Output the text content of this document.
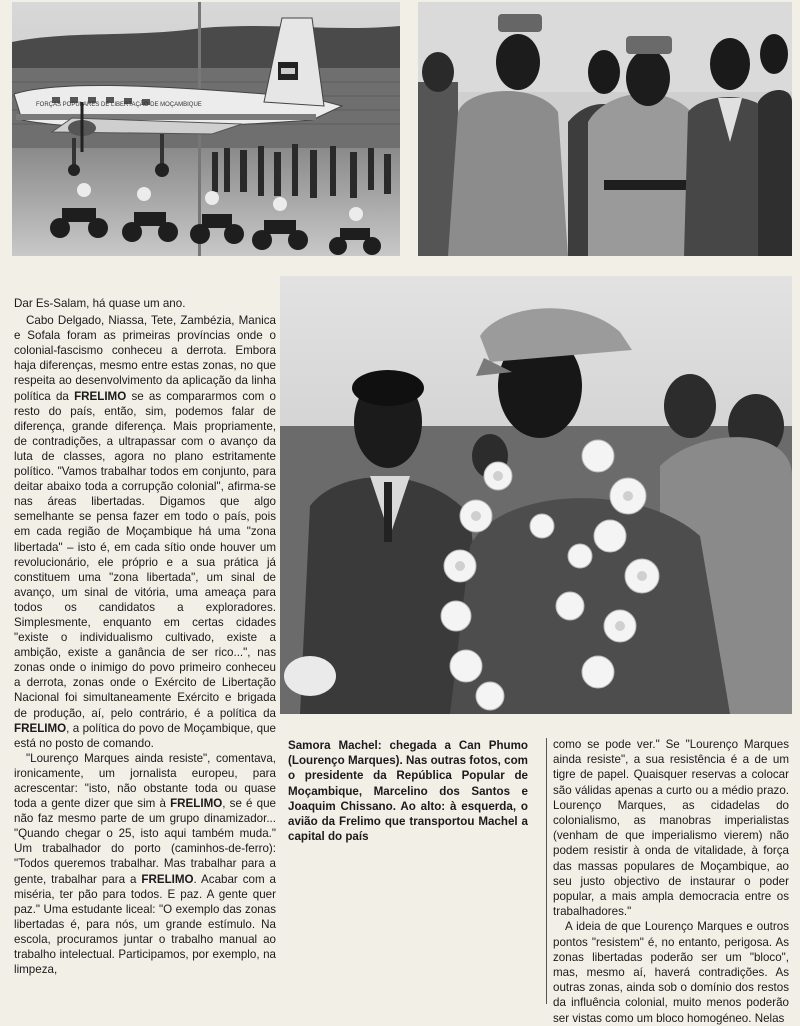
FORÇAS POPULARES DE LIBERTAÇÃO DE MOÇAMBIQUE

Dar Es-Salam, há quase um ano.

Cabo Delgado, Niassa, Tete, Zambézia, Manica e Sofala foram as primeiras províncias onde o colonial-fascismo conheceu a derrota. Embora haja diferenças, mesmo entre estas zonas, no que respeita ao desenvolvimento da aplicação da linha política da FRELIMO se as compararmos com o resto do país, então, sim, podemos falar de diferença, grande diferença. Mais propriamente, de contradições, a ultrapassar com o avanço da luta de classes, agora no plano estritamente político. "Vamos trabalhar todos em conjunto, para deitar abaixo toda a corrupção colonial", afirma-se nas áreas libertadas. Digamos que algo semelhante se pensa fazer em todo o país, pois em cada região de Moçambique há uma "zona libertada" – isto é, em cada sítio onde houver um revolucionário, ele próprio e a sua prática já constituem uma "zona libertada", um sinal de avanço, um sinal de vitória, uma ameaça para todos os candidatos a exploradores. Simplesmente, enquanto em certas cidades "existe o individualismo cultivado, existe a ambição, existe a ganância de ser rico...", nas zonas onde o inimigo do povo primeiro conheceu a derrota, zonas onde o Exército de Libertação Nacional foi simultaneamente Exército e brigada de produção, aí, pelo contrário, é a política da FRELIMO, a política do povo de Moçambique, que está no posto de comando.

"Lourenço Marques ainda resiste", comentava, ironicamente, um jornalista europeu, para acrescentar: "isto, não obstante toda ou quase toda a gente dizer que sim à FRELIMO, se é que não faz mesmo parte de um grupo dinamizador... "Quando chegar o 25, isto aqui também muda." Um trabalhador do porto (caminhos-de-ferro): "Todos queremos trabalhar. Mas trabalhar para a gente, trabalhar para a FRELIMO. Acabar com a miséria, ter pão para todos. E paz. A gente quer paz." Uma estudante liceal: "O exemplo das zonas libertadas é, para nós, um grande estímulo. Na escola, procuramos juntar o trabalho manual ao trabalho intelectual. Participamos, por exemplo, na limpeza,

Samora Machel: chegada a Can Phumo (Lourenço Marques). Nas outras fotos, com o presidente da República Popular de Moçambique, Marcelino dos Santos e Joaquim Chissano. Ao alto: à esquerda, o avião da Frelimo que transportou Machel a capital do país

como se pode ver." Se "Lourenço Marques ainda resiste", a sua resistência é a de um tigre de papel. Quaisquer reservas a colocar são válidas apenas a curto ou a médio prazo. Lourenço Marques, as cidadelas do colonialismo, as manobras imperialistas (venham de que imperialismo vierem) não podem resistir à onda de vitalidade, à força das massas populares de Moçambique, ao seu justo objectivo de instaurar o poder popular, a mais ampla democracia entre os trabalhadores."

A ideia de que Lourenço Marques e outros pontos "resistem" é, no entanto, perigosa. As zonas libertadas poderão ser um "bloco", mas, mesmo aí, haverá contradições. As outras zonas, ainda sob o domínio dos restos da influência colonial, muito menos poderão ser vistas como um bloco homogéneo. Nelas
